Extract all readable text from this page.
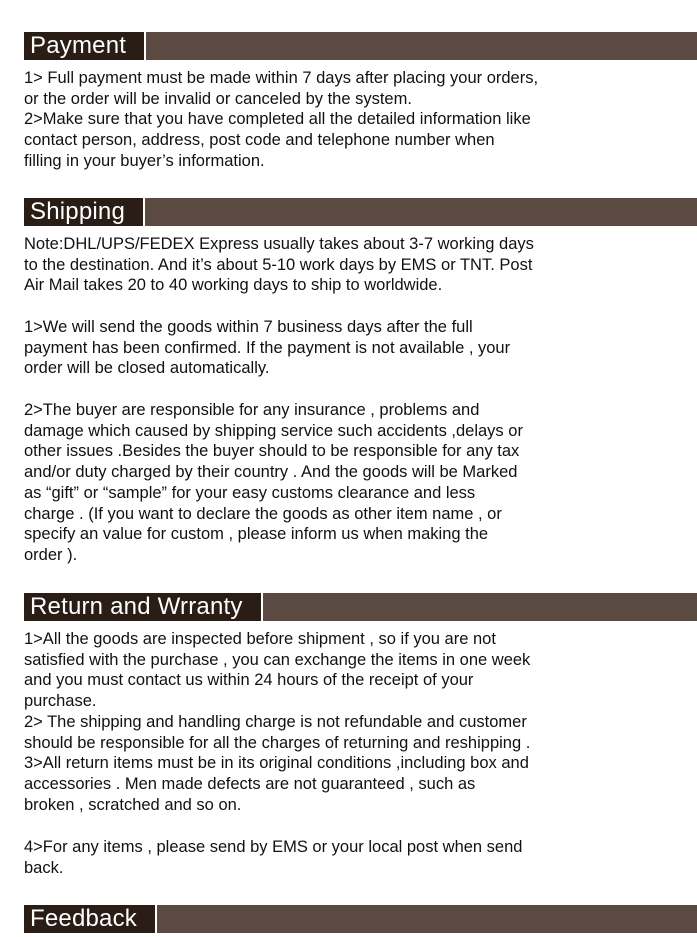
Payment

1> Full payment must be made within 7 days after placing your orders,

or the order will be invalid or canceled by the system.

2>Make sure that you have completed all the detailed information like

contact person, address, post code and telephone number when

filling in your buyer’s information.

Shipping

Note:DHL/UPS/FEDEX Express usually takes about 3-7 working days

to the destination. And it’s about 5-10 work days by EMS or TNT. Post

Air Mail takes 20 to 40 working days to ship to worldwide.

1>We will send the goods within 7 business days after the full

payment has been confirmed. If the payment is not available , your

order will be closed automatically.

2>The buyer are responsible for any insurance , problems and

damage which caused by shipping service such accidents ,delays or

other issues .Besides the buyer should to be responsible for any tax

and/or duty charged by their country . And the goods will be Marked

as “gift” or “sample” for your easy customs clearance and less

charge . (If you want to declare the goods as other item name , or

specify an value for custom , please inform us when making the

order ).

Return and Wrranty

1>All the goods are inspected before shipment , so if you are not

satisfied with the purchase , you can exchange the items in one week

and you must contact us within 24 hours of the receipt of your

purchase.

2> The shipping and handling charge is not refundable and customer

should be responsible for all the charges of returning and reshipping .

3>All return items must be in its original conditions ,including box and

accessories . Men made defects are not guaranteed , such as

broken , scratched and so on.

4>For any items , please send by EMS or your local post when send

back.

Feedback
